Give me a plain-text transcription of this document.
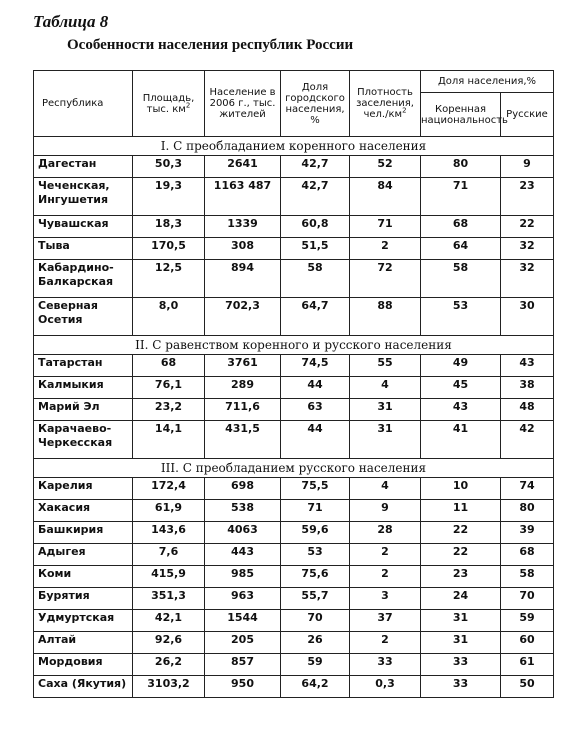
Таблица 8
Особенности населения республик России
Республика	Площадь, тыс. $км^2$	Население в 2006 г., тыс. жителей	Доля городского населения, %	Плотность заселения, $чел./км^2$	Доля населения,%	
					Коренная национальность	Русские
I. С преобладанием коренного населения						
Дагестан	50,3	2641	42,7	52	80	9
Чеченская, Ингушетия	19,3	1163 487	42,7	84	71	23
Чувашская	18,3	1339	60,8	71	68	22
Тыва	170,5	308	51,5	2	64	32
Кабардино-Балкарская	12,5	894	58	72	58	32
Северная Осетия	8,0	702,3	64,7	88	53	30
II. С равенством коренного и русского населения						
Татарстан	68	3761	74,5	55	49	43
Калмыкия	76,1	289	44	4	45	38
Марий Эл	23,2	711,6	63	31	43	48
Карачаево-Черкесская	14,1	431,5	44	31	41	42
III. С преобладанием русского населения						
Карелия	172,4	698	75,5	4	10	74
Хакасия	61,9	538	71	9	11	80
Башкирия	143,6	4063	59,6	28	22	39
Адыгея	7,6	443	53	2	22	68
Коми	415,9	985	75,6	2	23	58
Бурятия	351,3	963	55,7	3	24	70
Удмуртская	42,1	1544	70	37	31	59
Алтай	92,6	205	26	2	31	60
Мордовия	26,2	857	59	33	33	61
Саха (Якутия)	3103,2	950	64,2	0,3	33	50
